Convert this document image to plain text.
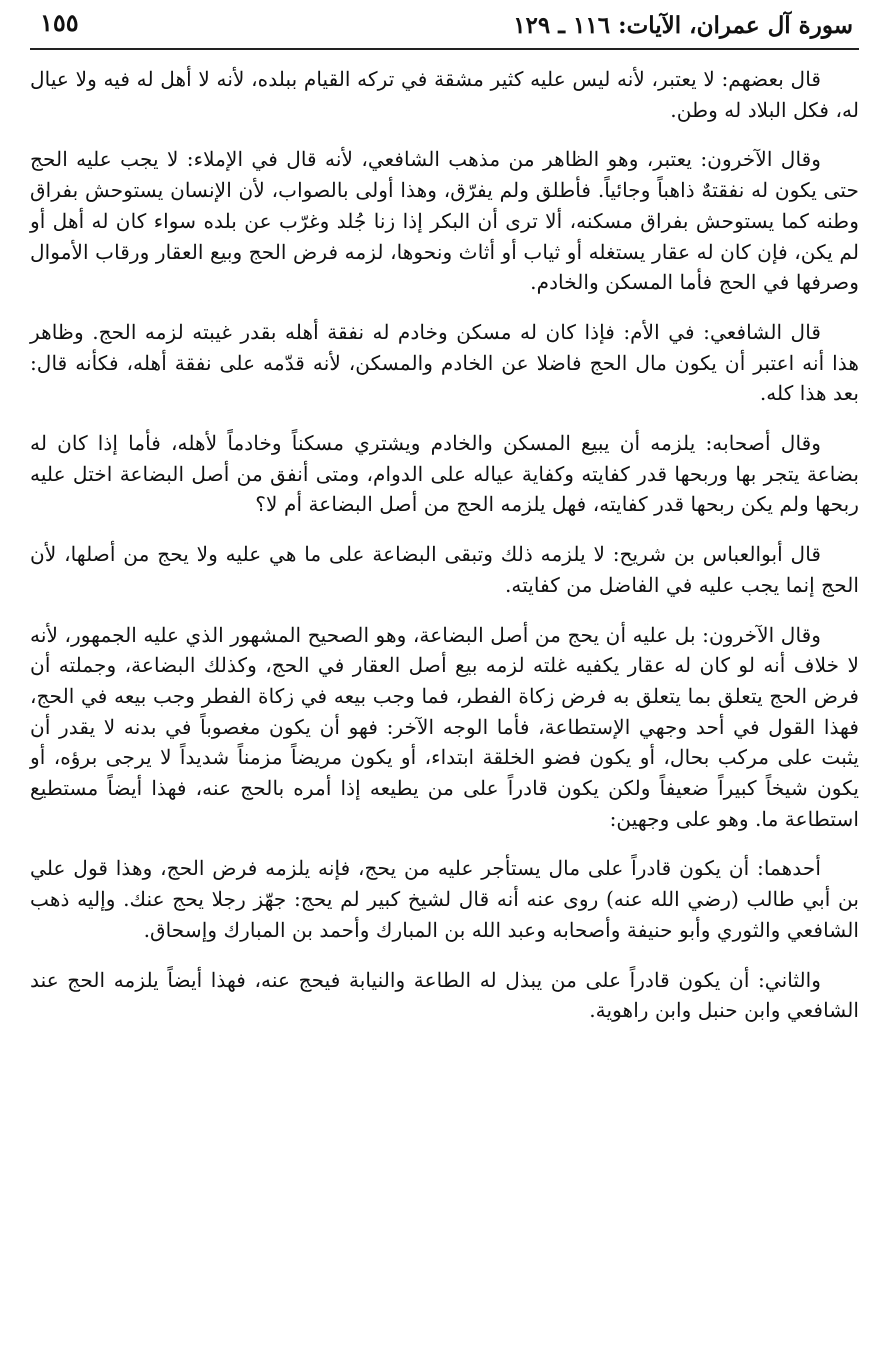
سورة آل عمران، الآيات: ١١٦ ـ ١٢٩
١٥٥

قال بعضهم: لا يعتبر، لأنه ليس عليه كثير مشقة في تركه القيام ببلده، لأنه لا أهل له فيه ولا عيال له، فكل البلاد له وطن.

وقال الآخرون: يعتبر، وهو الظاهر من مذهب الشافعي، لأنه قال في الإملاء: لا يجب عليه الحج حتى يكون له نفقتهٌ ذاهباً وجائياً. فأطلق ولم يفرّق، وهذا أولى بالصواب، لأن الإنسان يستوحش بفراق وطنه كما يستوحش بفراق مسكنه، ألا ترى أن البكر إذا زنا جُلد وغرّب عن بلده سواء كان له أهل أو لم يكن، فإن كان له عقار يستغله أو ثياب أو أثاث ونحوها، لزمه فرض الحج وبيع العقار ورقاب الأموال وصرفها في الحج فأما المسكن والخادم.

قال الشافعي: في الأم: فإذا كان له مسكن وخادم له نفقة أهله بقدر غيبته لزمه الحج. وظاهر هذا أنه اعتبر أن يكون مال الحج فاضلا عن الخادم والمسكن، لأنه قدّمه على نفقة أهله، فكأنه قال: بعد هذا كله.

وقال أصحابه: يلزمه أن يبيع المسكن والخادم ويشتري مسكناً وخادماً لأهله، فأما إذا كان له بضاعة يتجر بها وربحها قدر كفايته وكفاية عياله على الدوام، ومتى أنفق من أصل البضاعة اختل عليه ربحها ولم يكن ربحها قدر كفايته، فهل يلزمه الحج من أصل البضاعة أم لا؟

قال أبوالعباس بن شريح: لا يلزمه ذلك وتبقى البضاعة على ما هي عليه ولا يحج من أصلها، لأن الحج إنما يجب عليه في الفاضل من كفايته.

وقال الآخرون: بل عليه أن يحج من أصل البضاعة، وهو الصحيح المشهور الذي عليه الجمهور، لأنه لا خلاف أنه لو كان له عقار يكفيه غلته لزمه بيع أصل العقار في الحج، وكذلك البضاعة، وجملته أن فرض الحج يتعلق بما يتعلق به فرض زكاة الفطر، فما وجب بيعه في زكاة الفطر وجب بيعه في الحج، فهذا القول في أحد وجهي الإستطاعة، فأما الوجه الآخر: فهو أن يكون مغصوباً في بدنه لا يقدر أن يثبت على مركب بحال، أو يكون فضو الخلقة ابتداء، أو يكون مريضاً مزمناً شديداً لا يرجى برؤه، أو يكون شيخاً كبيراً ضعيفاً ولكن يكون قادراً على من يطيعه إذا أمره بالحج عنه، فهذا أيضاً مستطيع استطاعة ما. وهو على وجهين:

أحدهما: أن يكون قادراً على مال يستأجر عليه من يحج، فإنه يلزمه فرض الحج، وهذا قول علي بن أبي طالب (رضي الله عنه) روى عنه أنه قال لشيخ كبير لم يحج: جهّز رجلا يحج عنك. وإليه ذهب الشافعي والثوري وأبو حنيفة وأصحابه وعبد الله بن المبارك وأحمد بن المبارك وإسحاق.

والثاني: أن يكون قادراً على من يبذل له الطاعة والنيابة فيحج عنه، فهذا أيضاً يلزمه الحج عند الشافعي وابن حنبل وابن راهوية.
